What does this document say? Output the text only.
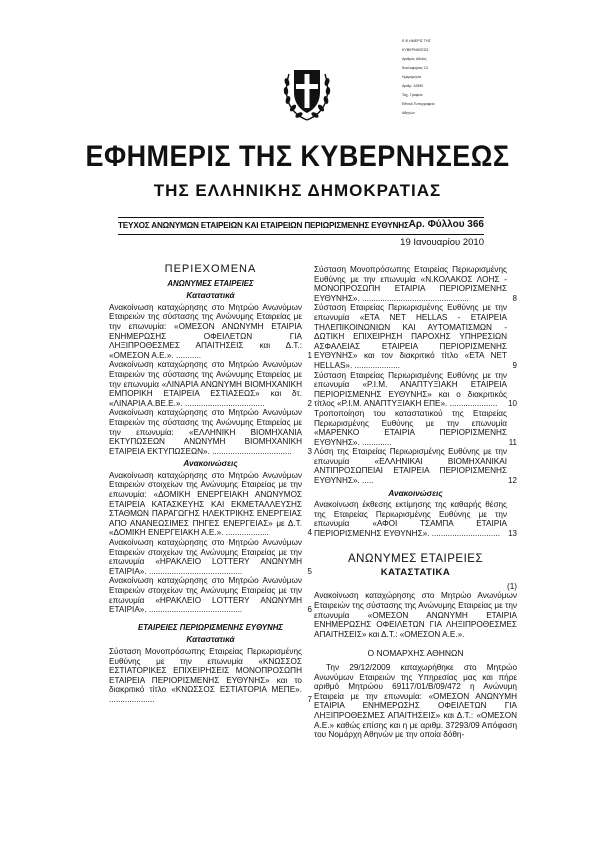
Ε.Φ.ΗΜΕΡΙΣ ΤΗΣ

ΚΥΒΕΡΝΗΣΕΩΣ

Αριθμός Αδείας

Κυκλοφορίας 13

Ημερομηνία

Αριθμ. 12890

Ταχ. Γραφείο

Εθνικό Τυπογραφείο

Αθηνών

ΕΦΗΜΕΡΙΣ ΤΗΣ ΚΥΒΕΡΝΗΣΕΩΣ
ΤΗΣ ΕΛΛΗΝΙΚΗΣ ΔΗΜΟΚΡΑΤΙΑΣ
ΤΕΥΧΟΣ ΑΝΩΝΥΜΩΝ ΕΤΑΙΡΕΙΩΝ ΚΑΙ ΕΤΑΙΡΕΙΩΝ ΠΕΡΙΩΡΙΣΜΕΝΗΣ ΕΥΘΥΝΗΣ Αρ. Φύλλου 366
19 Ιανουαρίου 2010

ΠΕΡΙΕΧΟΜΕΝΑ

ΑΝΩΝΥΜΕΣ ΕΤΑΙΡΕΙΕΣ

Καταστατικά

Ανακοίνωση καταχώρησης στο Μητρώο Ανωνύμων Εταιρειών της σύστασης της Ανώνυμης Εταιρείας με την επωνυμία: «ΟΜΕΣΟΝ ΑΝΩΝΥΜΗ ΕΤΑΙΡΙΑ ΕΝΗΜΕΡΩΣΗΣ ΟΦΕΙΛΕΤΩΝ ΓΙΑ ΛΗΞΙΠΡΟΘΕΣΜΕΣ ΑΠΑΙΤΗΣΕΙΣ και Δ.Τ.: «ΟΜΕΣΟΝ Α.Ε.». ...........	1
Ανακοίνωση καταχώρησης στο Μητρώο Ανωνύμων Εταιρειών της σύστασης της Ανώνυμης Εταιρείας με την επωνυμία «ΛΙΝΑΡΙΑ ΑΝΩΝΥΜΗ ΒΙΟΜΗΧΑΝΙΚΗ ΕΜΠΟΡΙΚΗ ΕΤΑΙΡΕΙΑ ΕΣΤΙΑΣΕΩΣ» και δτ. «ΛΙΝΑΡΙΑ Α.ΒΕ.Ε.». ...................................	2
Ανακοίνωση καταχώρησης στο Μητρώο Ανωνύμων Εταιρειών της σύστασης της Ανώνυμης Εταιρείας με την επωνυμία: «ΕΛΛΗΝΙΚΗ ΒΙΟΜΗΧΑΝΙΑ ΕΚΤΥΠΩΣΕΩΝ ΑΝΩΝΥΜΗ ΒΙΟΜΗΧΑΝΙΚΗ ΕΤΑΙΡΕΙΑ ΕΚΤΥΠΩΣΕΩΝ». ................................... 3

Ανακοινώσεις

Ανακοίνωση καταχώρησης στο Μητρώο Ανωνύμων Εταιρειών στοιχείων της Ανώνυμης Εταιρείας με την επωνυμία: «ΔΟΜΙΚΗ ΕΝΕΡΓΕΙΑΚΗ ΑΝΩΝΥΜΟΣ ΕΤΑΙΡΕΙΑ ΚΑΤΑΣΚΕΥΗΣ ΚΑΙ ΕΚΜΕΤΑΛΛΕΥΣΗΣ ΣΤΑΘΜΩΝ ΠΑΡΑΓΩΓΗΣ ΗΛΕΚΤΡΙΚΗΣ ΕΝΕΡΓΕΙΑΣ ΑΠΟ ΑΝΑΝΕΩΣΙΜΕΣ ΠΗΓΕΣ ΕΝΕΡΓΕΙΑΣ» με Δ.Τ. «ΔΟΜΙΚΗ ΕΝΕΡΓΕΙΑΚΗ Α.Ε.». ...................	4
Ανακοίνωση καταχώρησης στο Μητρώο Ανωνύμων Εταιρειών στοιχείων της Ανώνυμης Εταιρείας με την επωνυμία «ΗΡΑΚΛΕΙΟ LOTTERY ΑΝΩΝΥΜΗ ΕΤΑΙΡΙΑ». .........................................	5
Ανακοίνωση καταχώρησης στο Μητρώο Ανωνύμων Εταιρειών στοιχείων της Ανώνυμης Εταιρείας με την επωνυμία «ΗΡΑΚΛΕΙΟ LOTTERY ΑΝΩΝΥΜΗ ΕΤΑΙΡΙΑ». .........................................	6

ΕΤΑΙΡΕΙΕΣ ΠΕΡΙΩΡΙΣΜΕΝΗΣ ΕΥΘΥΝΗΣ

Καταστατικά

Σύσταση Μονοπρόσωπης Εταιρείας Περιωρισμένης Ευθύνης με την επωνυμία «ΚΝΩΣΣΟΣ ΕΣΤΙΑΤΟΡΙΚΕΣ ΕΠΙΧΕΙΡΗΣΕΙΣ ΜΟΝΟΠΡΟΣΩΠΗ ΕΤΑΙΡΕΙΑ ΠΕΡΙΟΡΙΣΜΕΝΗΣ ΕΥΘΥΝΗΣ» και το διακριτικό τίτλο «ΚΝΩΣΣΟΣ ΕΣΤΙΑΤΟΡΙΑ ΜΕΠΕ». ....................	7
Σύσταση Μονοπρόσωπης Εταιρείας Περιωρισμένης Ευθύνης με την επωνυμία «Ν.ΚΟΛΑΚΟΣ ΛΟΗΣ - ΜΟΝΟΠΡΟΣΩΠΗ ΕΤΑΙΡΙΑ ΠΕΡΙΟΡΙΣΜΕΝΗΣ ΕΥΘΥΝΗΣ». ...............................................	8
Σύσταση Εταιρείας Περιωρισμένης Ευθύνης με την επωνυμία «ΕΤΑ ΝΕΤ HELLAS - ΕΤΑΙΡΕΙΑ ΤΗΛΕΠΙΚΟΙΝΩΝΙΩΝ ΚΑΙ ΑΥΤΟΜΑΤΙΣΜΩΝ - ΔΩΤΙΚΗ ΕΠΙΧΕΙΡΗΣΗ ΠΑΡΟΧΗΣ ΥΠΗΡΕΣΙΩΝ ΑΣΦΑΛΕΙΑΣ ΕΤΑΙΡΕΙΑ ΠΕΡΙΟΡΙΣΜΕΝΗΣ ΕΥΘΥΝΗΣ» και τον διακριτικό τίτλο «ΕΤΑ ΝΕΤ HELLAS». ....................	9
Σύσταση Εταιρείας Περιωρισμένης Ευθύνης με την επωνυμία «Ρ.Ι.Μ. ΑΝΑΠΤΥΞΙΑΚΗ ΕΤΑΙΡΕΙΑ ΠΕΡΙΟΡΙΣΜΕΝΗΣ ΕΥΘΥΝΗΣ» και ο διακριτικός τίτλος «Ρ.Ι.Μ. ΑΝΑΠΤΥΞΙΑΚΗ ΕΠΕ». ..................... 10
Τροποποίηση του καταστατικού της Εταιρείας Περιωρισμένης Ευθύνης με την επωνυμία «ΜΑΡΕΝΚΟ ΕΤΑΙΡΙΑ ΠΕΡΙΟΡΙΣΜΕΝΗΣ ΕΥΘΥΝΗΣ». .............	11
Λύση της Εταιρείας Περιωρισμένης Ευθύνης με την επωνυμία «ΕΛΛΗΝΙΚΑΙ ΒΙΟΜΗΧΑΝΙΚΑΙ ΑΝΤΙΠΡΟΣΩΠΕΙΑΙ ΕΤΑΙΡΕΙΑ ΠΕΡΙΟΡΙΣΜΕΝΗΣ ΕΥΘΥΝΗΣ». .....	12

Ανακοινώσεις

Ανακοίνωση έκθεσης εκτίμησης της καθαρής θέσης της Εταιρείας Περιωρισμένης Ευθύνης με την επωνυμία «ΑΦΟΙ ΤΣΑΜΠΑ ΕΤΑΙΡΙΑ ΠΕΡΙΟΡΙΣΜΕΝΗΣ ΕΥΘΥΝΗΣ». .............................. 13

ΑΝΩΝΥΜΕΣ ΕΤΑΙΡΕΙΕΣ

ΚΑΤΑΣΤΑΤΙΚΑ

(1)
Ανακοίνωση καταχώρησης στο Μητρώο Ανωνύμων Εταιρειών της σύστασης της Ανώνυμης Εταιρείας με την επωνυμία «ΟΜΕΣΟΝ ΑΝΩΝΥΜΗ ΕΤΑΙΡΙΑ ΕΝΗΜΕΡΩΣΗΣ ΟΦΕΙΛΕΤΩΝ ΓΙΑ ΛΗΞΙΠΡΟΘΕΣΜΕΣ ΑΠΑΙΤΗΣΕΙΣ» και Δ.Τ.: «ΟΜΕΣΟΝ Α.Ε.».
Ο ΝΟΜΑΡΧΗΣ ΑΘΗΝΩΝ
Την 29/12/2009 καταχωρήθηκε στο Μητρώο Ανωνύμων Εταιρειών της Υπηρεσίας μας και πήρε αριθμό Μητρώου 69117/01/Β/09/472 η Ανώνυμη Εταιρεία με την επωνυμία: «ΟΜΕΣΟΝ ΑΝΩΝΥΜΗ ΕΤΑΙΡΙΑ ΕΝΗΜΕΡΩΣΗΣ ΟΦΕΙΛΕΤΩΝ ΓΙΑ ΛΗΞΙΠΡΟΘΕΣΜΕΣ ΑΠΑΙΤΗΣΕΙΣ» και Δ.Τ.: «ΟΜΕΣΟΝ Α.Ε.» καθώς επίσης και η με αριθμ. 37293/09 Απόφαση του Νομάρχη Αθηνών με την οποία δόθη-
